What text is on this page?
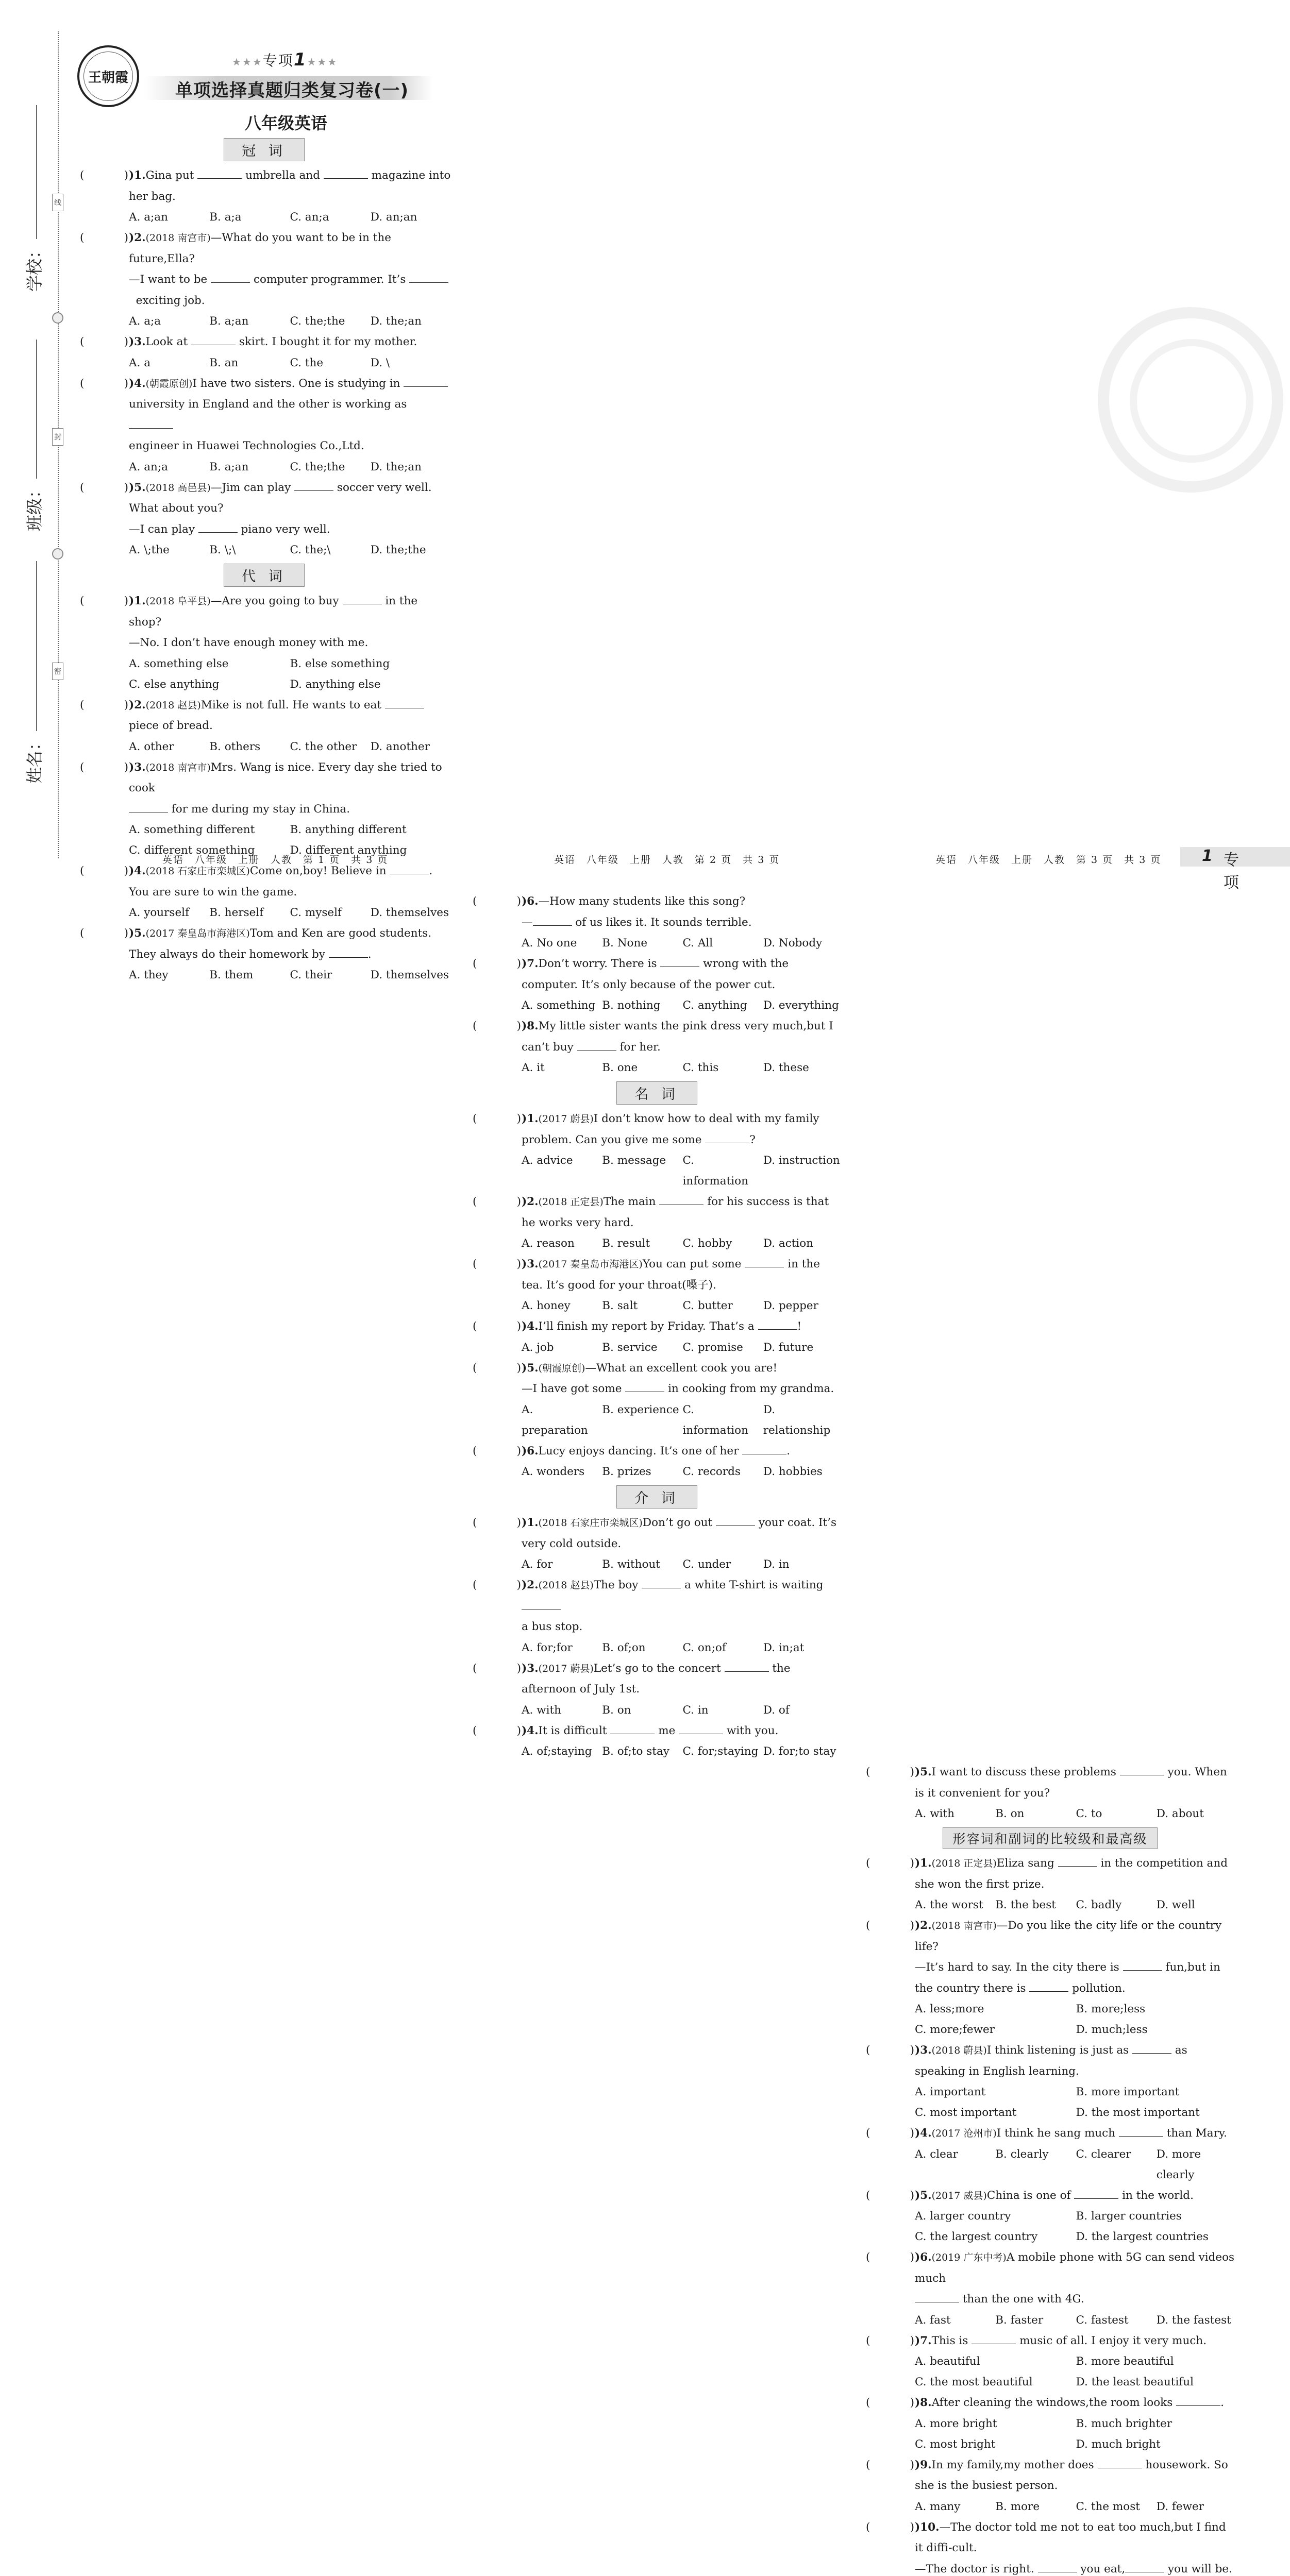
线
封
密
学校：
班级：
姓名：
王朝霞
★★★专项1★★★
单项选择真题归类复习卷(一)
八年级英语
冠 词
)1.Gina put	umbrella and	magazine into her bag.
A. a;an	B. a;a	C. an;a	D. an;an
)2.(2018 南宫市)—What do you want to be in the future,Ella?
—I want to be	computer programmer. It’s
exciting job.
A. a;a	B. a;an	C. the;the	D. the;an
)3.Look at	skirt. I bought it for my mother.
A. a	B. an	C. the	D. \
)4.(朝霞原创)I have two sisters. One is studying in
university in England and the other is working as
engineer in Huawei Technologies Co.,Ltd.
A. an;a	B. a;an	C. the;the	D. the;an
)5.(2018 高邑县)—Jim can play	soccer very well. What about you?
—I can play	piano very well.
A. \;the	B. \;\	C. the;\	D. the;the
代 词
)1.(2018 阜平县)—Are you going to buy	in the shop?
—No. I don’t have enough money with me.
A. something else	B. else something
C. else anything	D. anything else
)2.(2018 赵县)Mike is not full. He wants to eat  piece of bread.
A. other	B. others	C. the other	D. another
)3.(2018 南宫市)Mrs. Wang is nice. Every day she tried to cook
for me during my stay in China.
A. something different	B. anything different
C. different something	D. different anything
)4.(2018 石家庄市栾城区)Come on,boy! Believe in	. You are sure to win the game.
A. yourself	B. herself	C. myself	D. themselves
)5.(2017 秦皇岛市海港区)Tom and Ken are good students. They always do their homework by	.
A. they	B. them	C. their	D. themselves
)6.—How many students like this song?
—	of us likes it. It sounds terrible.
A. No one	B. None	C. All	D. Nobody
)7.Don’t worry. There is	wrong with the computer. It’s only because of the power cut.
A. something B. nothing	C. anything	D. everything
)8.My little sister wants the pink dress very much,but I can’t buy	for her.
A. it	B. one	C. this	D. these
名 词
)1.(2017 蔚县)I don’t know how to deal with my family problem. Can you give me some	?
A. advice	B. message	C. information
D. instruction
)2.(2018 正定县)The main	for his success is that he works very hard.
A. reason	B. result	C. hobby	D. action
)3.(2017 秦皇岛市海港区)You can put some	in the tea. It’s good for your throat(嗓子).
A. honey	B. salt	C. butter	D. pepper
)4.I’ll finish my report by Friday. That’s a	!
A. job	B. service	C. promise	D. future
)5.(朝霞原创)—What an excellent cook you are!
—I have got some	in cooking from my grandma.
A. preparation
B. experience C. information
D. relationship
)6.Lucy enjoys dancing. It’s one of her	.
A. wonders	B. prizes	C. records	D. hobbies
介 词
)1.(2018 石家庄市栾城区)Don’t go out	your coat. It’s very cold outside.
A. for	B. without	C. under	D. in
)2.(2018 赵县)The boy	a white T-shirt is waiting
a bus stop.
A. for;for	B. of;on	C. on;of	D. in;at
)3.(2017 蔚县)Let’s go to the concert	the afternoon of July 1st.
A. with	B. on	C. in	D. of
)4.It is difficult	me	with you.
A. of;staying B. of;to stay	C. for;staying D. for;to stay
)5.I want to discuss these problems	you. When is it convenient for you?
A. with	B. on	C. to	D. about
形容词和副词的比较级和最高级
)1.(2018 正定县)Eliza sang	in the competition and she won the first prize.
A. the worst	B. the best	C. badly	D. well
)2.(2018 南宫市)—Do you like the city life or the country life?
—It’s hard to say. In the city there is	fun,but in the country there is	pollution.
A. less;more	B. more;less
C. more;fewer	D. much;less
)3.(2018 蔚县)I think listening is just as	as speaking in English learning.
A. important	B. more important
C. most important	D. the most important
)4.(2017 沧州市)I think he sang much	than Mary.
A. clear	B. clearly	C. clearer	D. more clearly
)5.(2017 威县)China is one of	in the world.
A. larger country	B. larger countries
C. the largest country	D. the largest countries
)6.(2019 广东中考)A mobile phone with 5G can send videos much
than the one with 4G.
A. fast	B. faster	C. fastest	D. the fastest
)7.This is	music of all. I enjoy it very much.
A. beautiful	B. more beautiful
C. the most beautiful	D. the least beautiful
)8.After cleaning the windows,the room looks	.
A. more bright	B. much brighter
C. most bright	D. much bright
)9.In my family,my mother does	housework. So she is the busiest person.
A. many	B. more	C. the most	D. fewer
)10.—The doctor told me not to eat too much,but I find it diffi-cult.
—The doctor is right.	you eat,	you will be.
英语　八年级　上册　人教　第 1 页　共 3 页	英语　八年级　上册　人教　第 2 页　共 3 页	英语　八年级　上册　人教　第 3 页　共 3 页	专项
1
